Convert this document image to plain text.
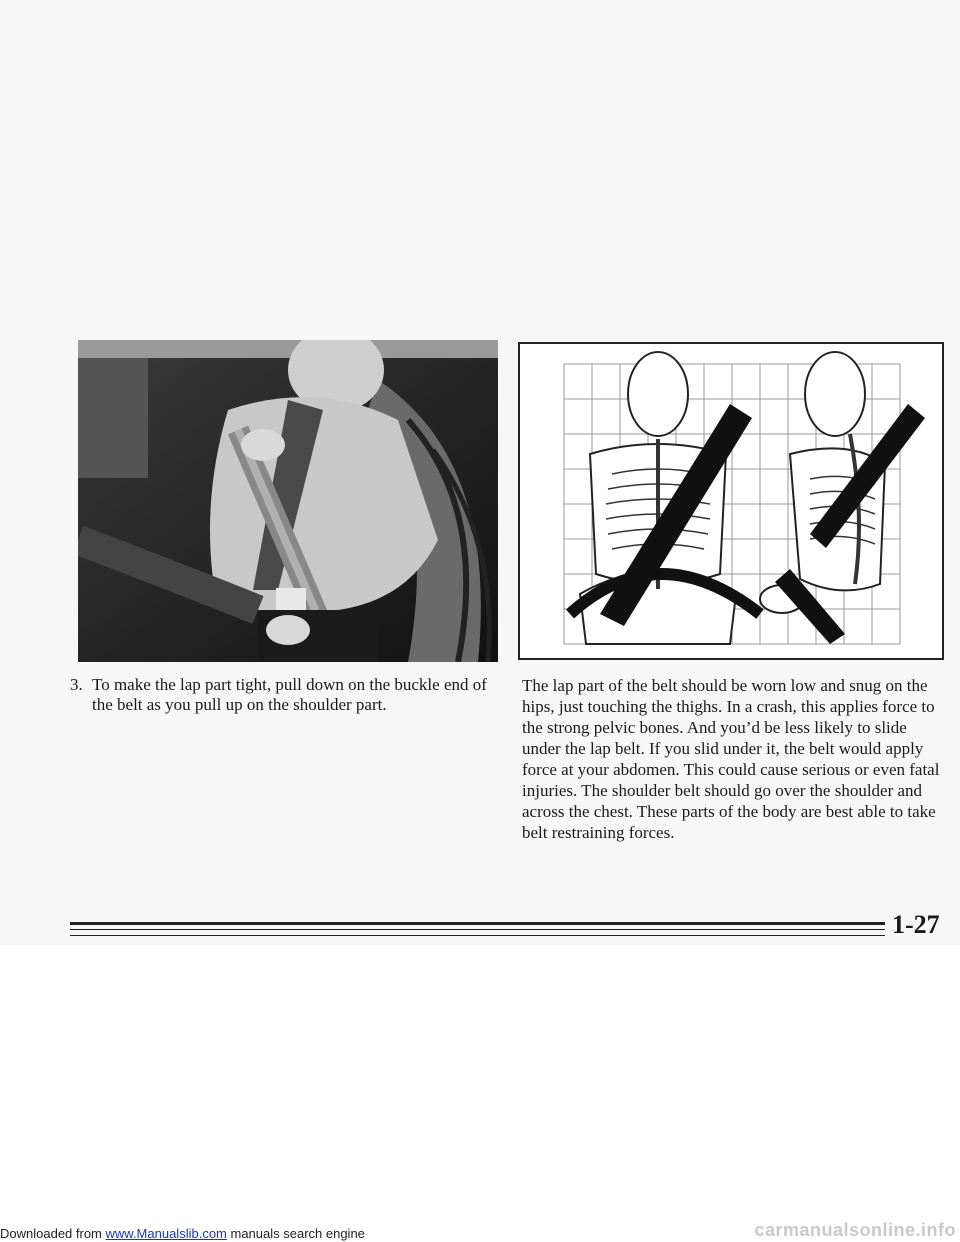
3. To make the lap part tight, pull down on the buckle end of the belt as you pull up on the shoulder part.
The lap part of the belt should be worn low and snug on the hips, just touching the thighs. In a crash, this applies force to the strong pelvic bones. And you’d be less likely to slide under the lap belt. If you slid under it, the belt would apply force at your abdomen. This could cause serious or even fatal injuries. The shoulder belt should go over the shoulder and across the chest. These parts of the body are best able to take belt restraining forces.
1-27
Downloaded from www.Manualslib.com manuals search engine	carmanualsonline.info
